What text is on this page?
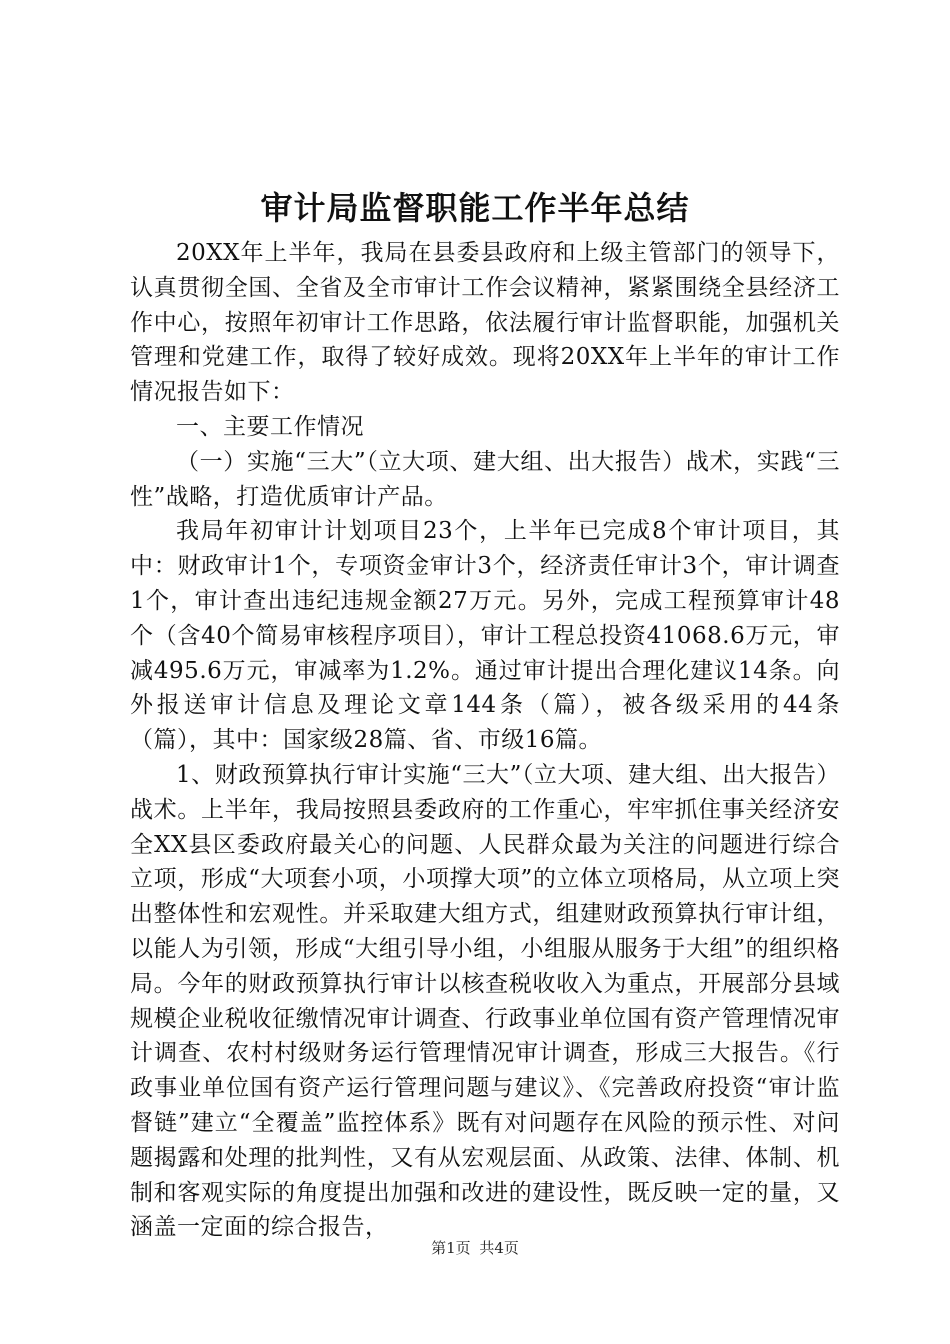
审计局监督职能工作半年总结

20XX年上半年，我局在县委县政府和上级主管部门的领导下，认真贯彻全国、全省及全市审计工作会议精神，紧紧围绕全县经济工作中心，按照年初审计工作思路，依法履行审计监督职能，加强机关管理和党建工作，取得了较好成效。现将20XX年上半年的审计工作情况报告如下：

一、主要工作情况

（一）实施“三大”（立大项、建大组、出大报告）战术，实践“三性”战略，打造优质审计产品。

我局年初审计计划项目23个，上半年已完成8个审计项目，其中：财政审计1个，专项资金审计3个，经济责任审计3个，审计调查1个，审计查出违纪违规金额27万元。另外，完成工程预算审计48个（含40个简易审核程序项目），审计工程总投资41068.6万元，审减495.6万元，审减率为1.2%。通过审计提出合理化建议14条。向外报送审计信息及理论文章144条（篇），被各级采用的44条（篇），其中：国家级28篇、省、市级16篇。

1、财政预算执行审计实施“三大”（立大项、建大组、出大报告）战术。上半年，我局按照县委政府的工作重心，牢牢抓住事关经济安全XX县区委政府最关心的问题、人民群众最为关注的问题进行综合立项，形成“大项套小项，小项撑大项”的立体立项格局，从立项上突出整体性和宏观性。并采取建大组方式，组建财政预算执行审计组，以能人为引领，形成“大组引导小组，小组服从服务于大组”的组织格局。今年的财政预算执行审计以核查税收收入为重点，开展部分县域规模企业税收征缴情况审计调查、行政事业单位国有资产管理情况审计调查、农村村级财务运行管理情况审计调查，形成三大报告。《行政事业单位国有资产运行管理问题与建议》、《完善政府投资“审计监督链”建立“全覆盖”监控体系》既有对问题存在风险的预示性、对问题揭露和处理的批判性，又有从宏观层面、从政策、法律、体制、机制和客观实际的角度提出加强和改进的建设性，既反映一定的量，又涵盖一定面的综合报告，

第1页 共4页
